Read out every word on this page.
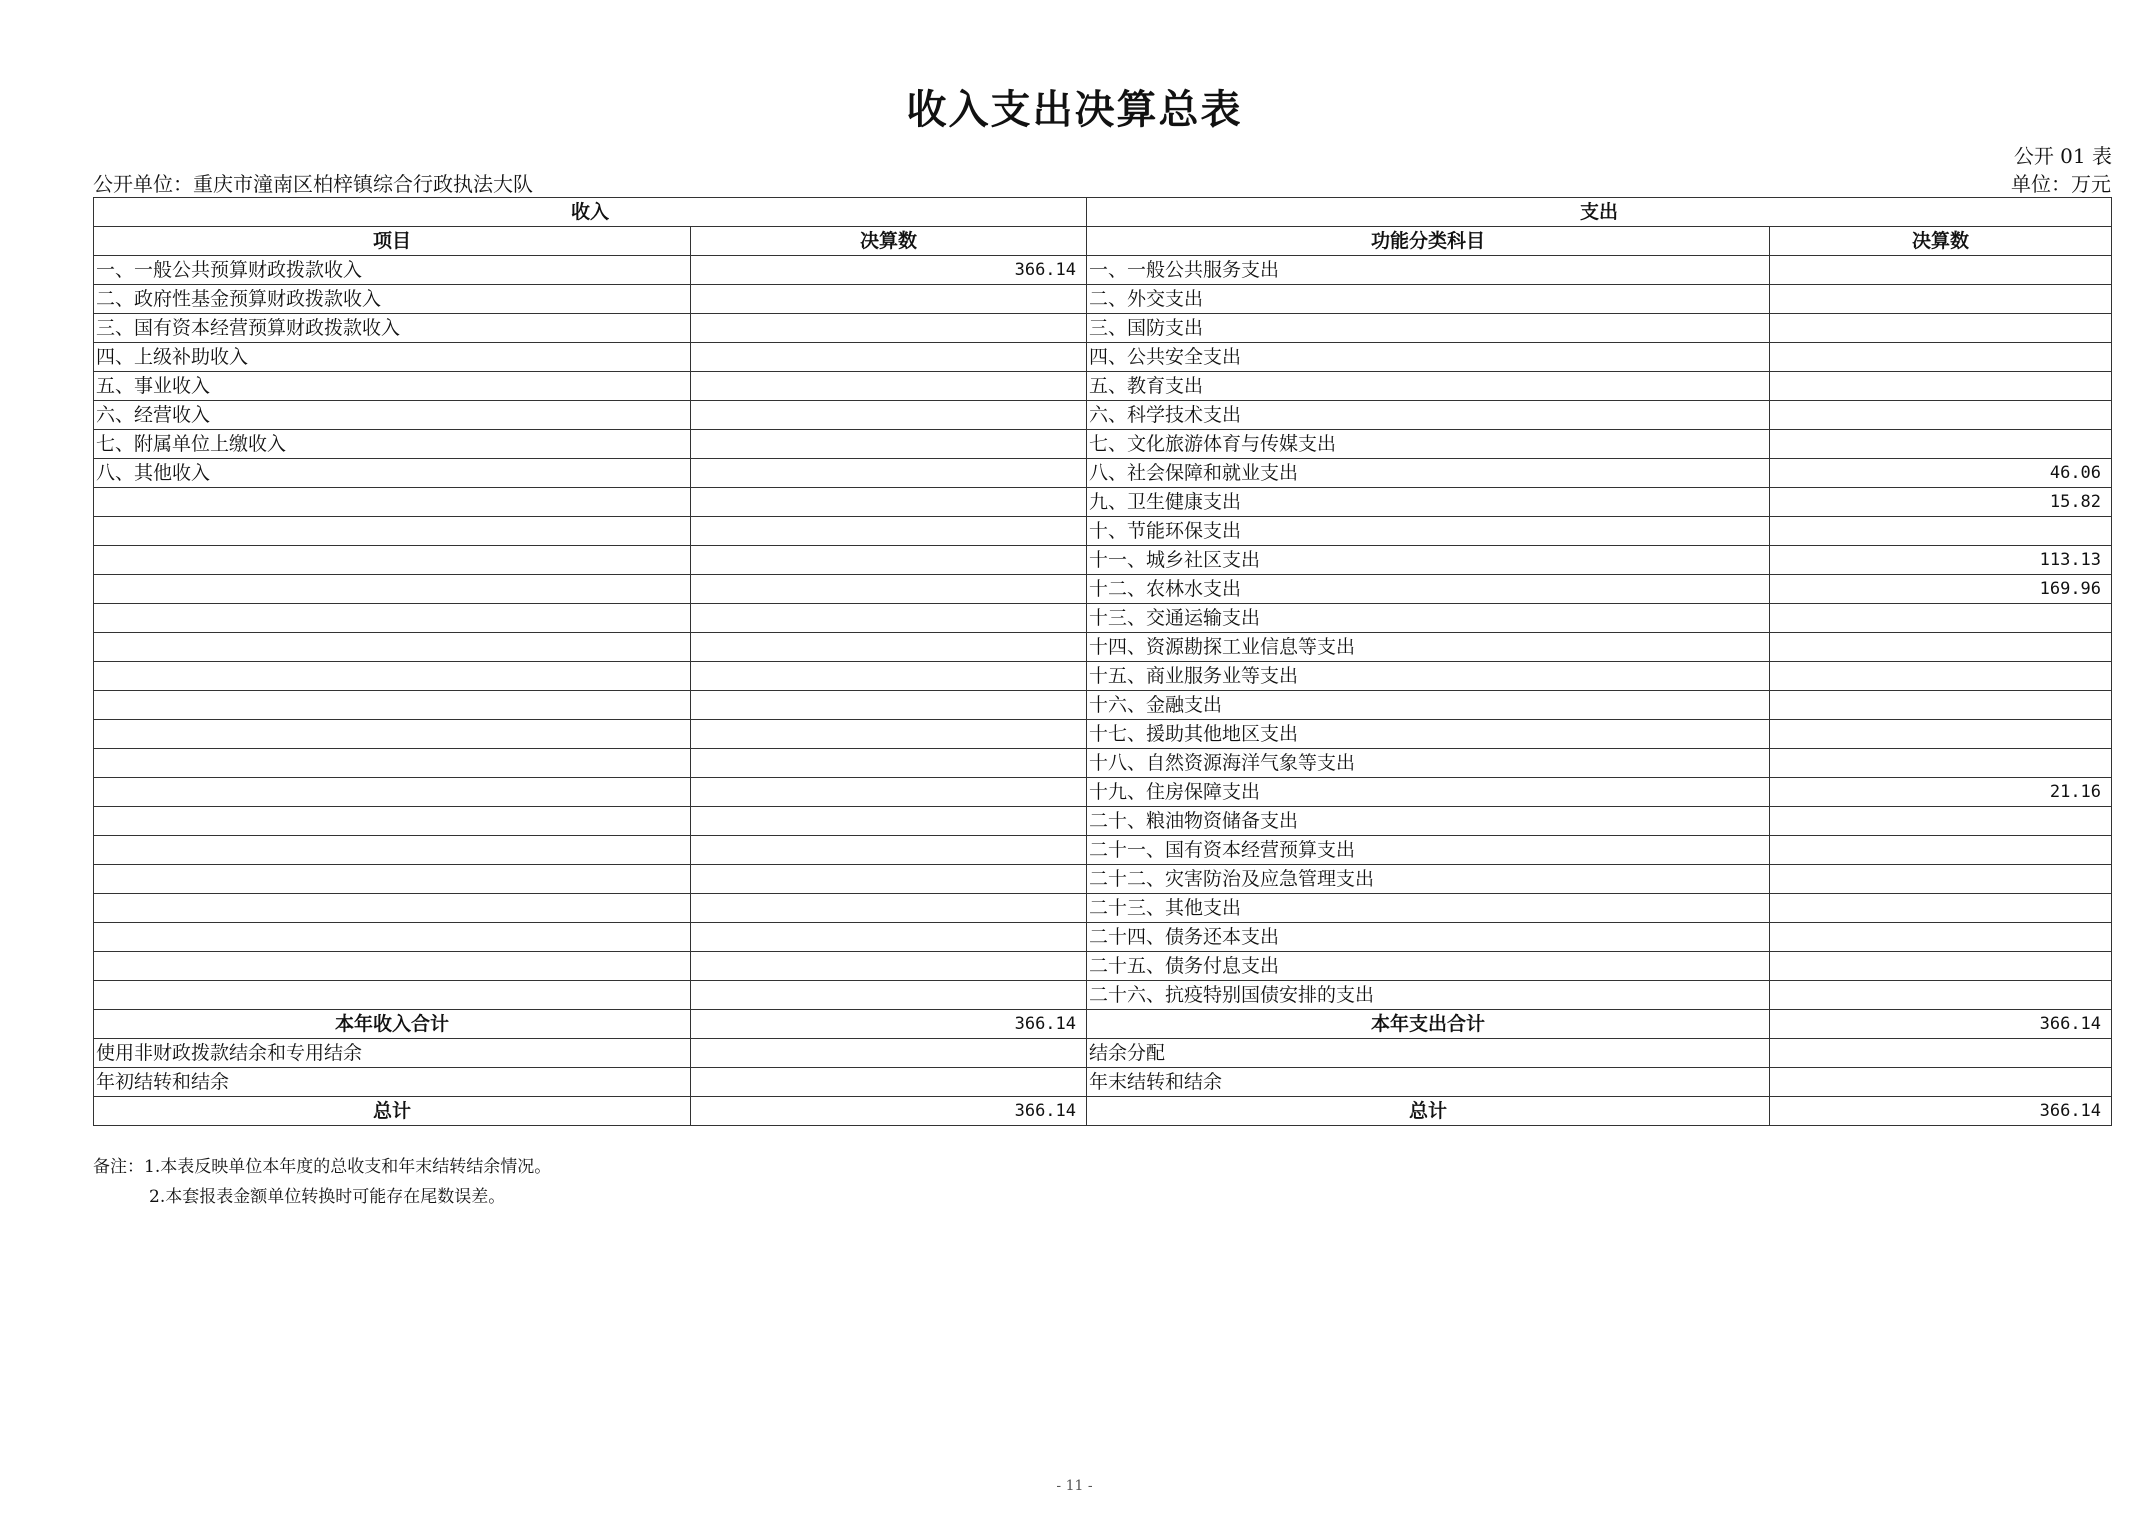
收入支出决算总表
公开 01 表
公开单位：重庆市潼南区柏梓镇综合行政执法大队	单位：万元
收入		支出	
项目	决算数	功能分类科目	决算数
一、一般公共预算财政拨款收入	366.14	一、一般公共服务支出	
二、政府性基金预算财政拨款收入		二、外交支出	
三、国有资本经营预算财政拨款收入		三、国防支出	
四、上级补助收入		四、公共安全支出	
五、事业收入		五、教育支出	
六、经营收入		六、科学技术支出	
七、附属单位上缴收入		七、文化旅游体育与传媒支出	
八、其他收入		八、社会保障和就业支出	46.06
		九、卫生健康支出	15.82
		十、节能环保支出	
		十一、城乡社区支出	113.13
		十二、农林水支出	169.96
		十三、交通运输支出	
		十四、资源勘探工业信息等支出	
		十五、商业服务业等支出	
		十六、金融支出	
		十七、援助其他地区支出	
		十八、自然资源海洋气象等支出	
		十九、住房保障支出	21.16
		二十、粮油物资储备支出	
		二十一、国有资本经营预算支出	
		二十二、灾害防治及应急管理支出	
		二十三、其他支出	
		二十四、债务还本支出	
		二十五、债务付息支出	
		二十六、抗疫特别国债安排的支出	
本年收入合计	366.14	本年支出合计	366.14
使用非财政拨款结余和专用结余		结余分配	
年初结转和结余		年末结转和结余	
总计	366.14	总计	366.14
备注：1.本表反映单位本年度的总收支和年末结转结余情况。
2.本套报表金额单位转换时可能存在尾数误差。
- 11 -
